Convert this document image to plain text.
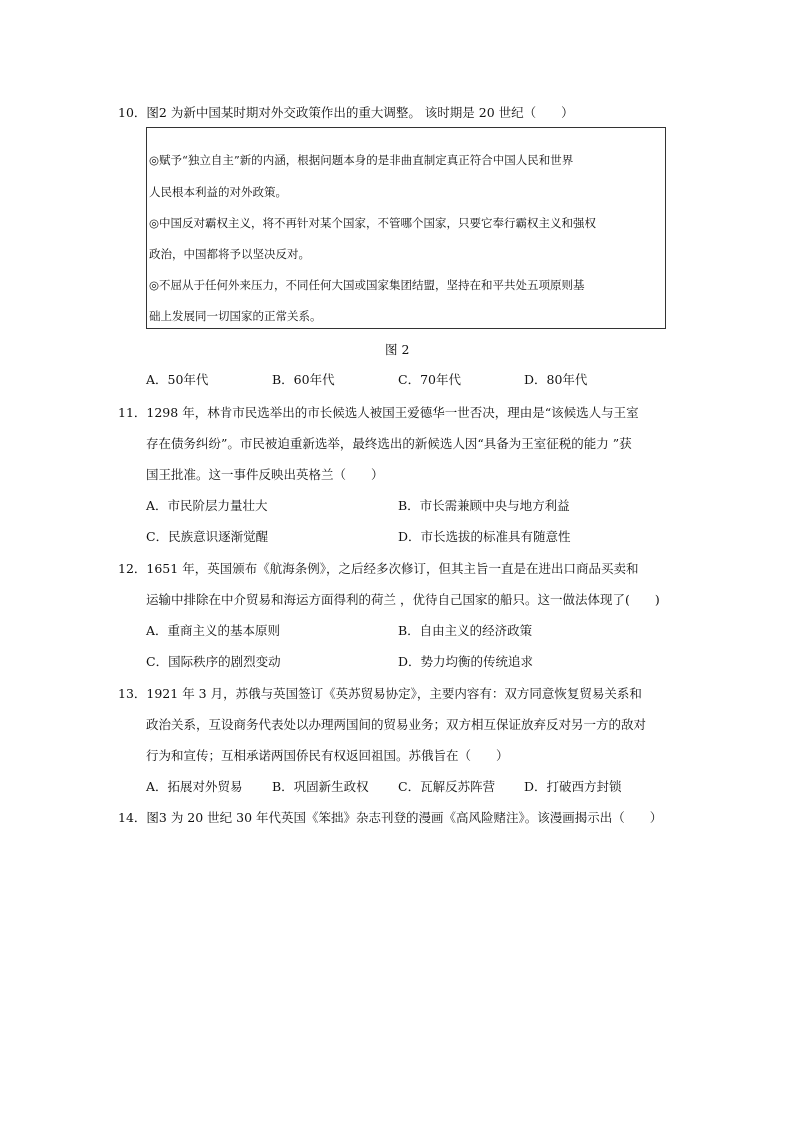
10．图2 为新中国某时期对外交政策作出的重大调整。 该时期是 20 世纪（　　）
◎赋予“独立自主”新的内涵，根据问题本身的是非曲直制定真正符合中国人民和世界
人民根本利益的对外政策。
◎中国反对霸权主义，将不再针对某个国家，不管哪个国家，只要它奉行霸权主义和强权
政治，中国都将予以坚决反对。
◎不屈从于任何外来压力，不同任何大国或国家集团结盟，坚持在和平共处五项原则基
础上发展同一切国家的正常关系。
图 2
A．50年代	B．60年代	C．70年代	D．80年代
11．1298 年，林肯市民选举出的市长候选人被国王爱德华一世否决，理由是“该候选人与王室
存在债务纠纷”。市民被迫重新选举，最终选出的新候选人因“具备为王室征税的能力 ”获
国王批准。这一事件反映出英格兰（　　）
A．市民阶层力量壮大	B．市长需兼顾中央与地方利益
C．民族意识逐渐觉醒	D．市长选拔的标准具有随意性
12．1651 年，英国颁布《航海条例》，之后经多次修订，但其主旨一直是在进出口商品买卖和
运输中排除在中介贸易和海运方面得利的荷兰 ，优待自己国家的船只。这一做法体现了(　　)
A．重商主义的基本原则	B．自由主义的经济政策
C．国际秩序的剧烈变动	D．势力均衡的传统追求
13．1921 年 3 月，苏俄与英国签订《英苏贸易协定》，主要内容有：双方同意恢复贸易关系和
政治关系，互设商务代表处以办理两国间的贸易业务；双方相互保证放弃反对另一方的敌对
行为和宣传；互相承诺两国侨民有权返回祖国。苏俄旨在（　　）
A．拓展对外贸易 B．巩固新生政权 C．瓦解反苏阵营 D．打破西方封锁
14．图3 为 20 世纪 30 年代英国《笨拙》杂志刊登的漫画《高风险赌注》。该漫画揭示出（　　）
